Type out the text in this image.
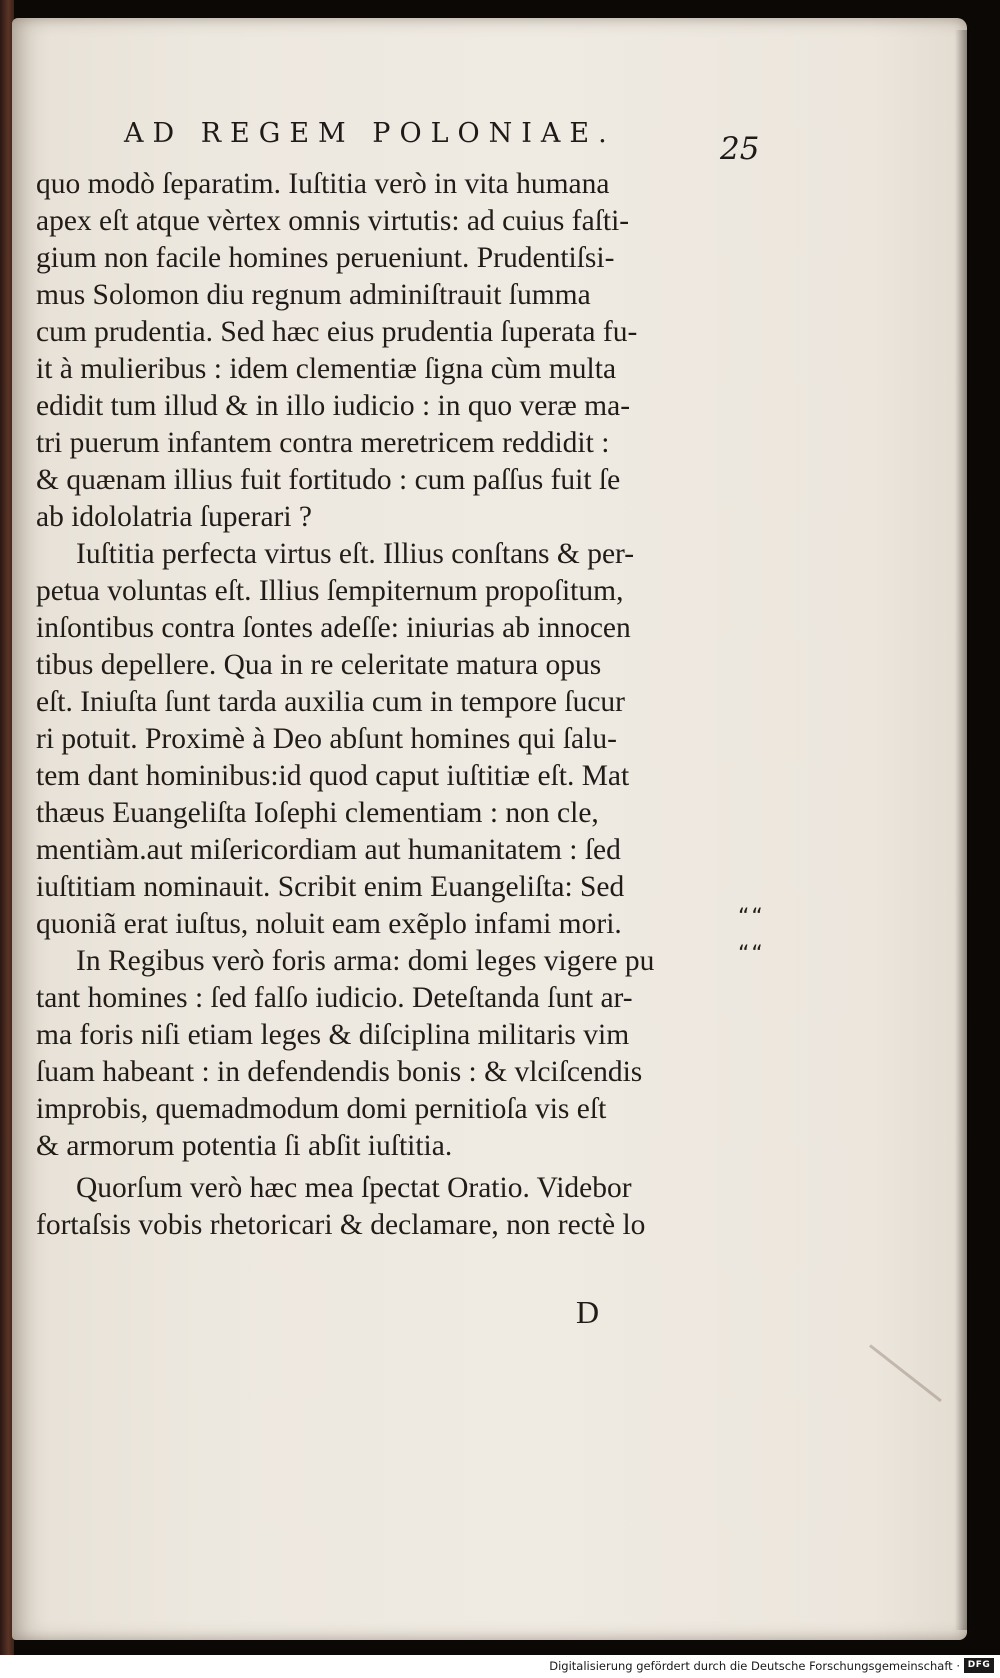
AD REGEM POLONIAE.	25
quo modò ſeparatim. Iuſtitia verò in vita humana
apex eſt atque vèrtex omnis virtutis: ad cuius faſti-
gium non facile homines perueniunt. Prudentiſsi-
mus Solomon diu regnum adminiſtrauit ſumma
cum prudentia. Sed hæc eius prudentia ſuperata fu-
it à mulieribus : idem clementiæ ſigna cùm multa
edidit tum illud & in illo iudicio : in quo veræ ma-
tri puerum infantem contra meretricem reddidit :
& quænam illius fuit fortitudo : cum paſſus fuit ſe
ab idololatria ſuperari ?
Iuſtitia perfecta virtus eſt. Illius conſtans & per-
petua voluntas eſt. Illius ſempiternum propoſitum,
inſontibus contra ſontes adeſſe: iniurias ab innocen
tibus depellere. Qua in re celeritate matura opus
eſt. Iniuſta ſunt tarda auxilia cum in tempore ſucur
ri potuit. Proximè à Deo abſunt homines qui ſalu-
tem dant hominibus:id quod caput iuſtitiæ eſt. Mat
thæus Euangeliſta Ioſephi clementiam : non cle,
mentiàm.aut miſericordiam aut humanitatem : ſed
iuſtitiam nominauit. Scribit enim Euangeliſta: Sed
quoniã erat iuſtus, noluit eam exẽplo infami mori.
In Regibus verò foris arma: domi leges vigere pu
tant homines : ſed falſo iudicio. Deteſtanda ſunt ar-
ma foris niſi etiam leges & diſciplina militaris vim
ſuam habeant : in defendendis bonis : & vlciſcendis
improbis, quemadmodum domi pernitioſa vis eſt
& armorum potentia ſi abſit iuſtitia.
Quorſum verò hæc mea ſpectat Oratio. Videbor
fortaſsis vobis rhetoricari & declamare, non rectè lo
““
““
D
Digitalisierung gefördert durch die Deutsche Forschungsgemeinschaft · DFG
